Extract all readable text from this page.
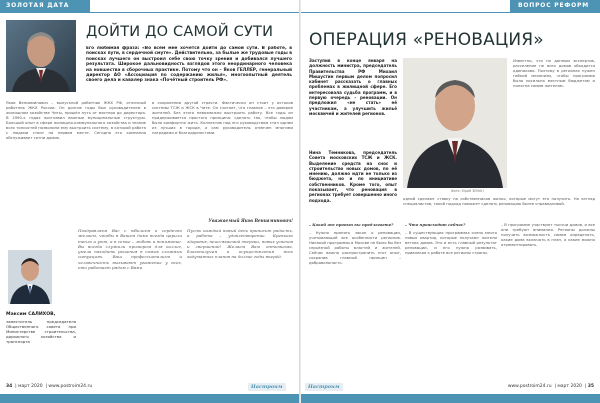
ЗОЛОТАЯ ДАТА
ДОЙТИ ДО САМОЙ СУТИ
Его любимая фраза: «Во всём мне хочется дойти до самой сути. В работе, в поисках пути, в сердечной смуте». Действительно, за былые же трудовые годы в поисках лучшего он выстроил себе свою точку зрения и добивался лучшего результата. Широкое дальновидность взглядов этого неординарного человека на новшества в сборочных практике. Потому что он – Яков ГЕЛЛЕР, генеральный директор АО «Ассоциация по содержанию жилья», многоопытный деятель своего дела и кавалер знака «Почётный строитель РФ».
Яков Вениаминович – выпускной работник ЖКХ РФ, отличный работник ЖКХ России. Он долгие годы был руководителем в жилищном хозяйстве Читы, прошёл путь от мастера до директора. В 1990-х годах возглавил важные муниципальные структуры. Большой опыт в сфере жилищно-коммунального хозяйства и знание всех тонкостей позволили ему выстроить систему, в которой работа с людьми стоит на первом месте. Сегодня его компания обслуживает сотни домов.
в сохранении другой страсти. Фактически он стоит у истоков системы ТСЖ и ЖСК в Чите. Он считает, что главное – это доверие жителей. Без этого невозможно выстроить работу. Все годы он придерживается простого принципа: сделать так, чтобы людям было комфортно жить. Коллектив под его руководством стал одним из лучших в городе, а сам руководитель отмечен многими наградами и благодарностями.
Уважаемый Яков Вениаминович!
Поздравляем Вас с юбилеем и сердечно желаем, чтобы в Вашем доме всегда царили тепло и уют, а в семье – любовь и понимание. Вы всегда служили примером для коллег, умели находить решения в самых сложных ситуациях. Ваш профессионализм и человечность вызывают уважение у всех, кто работает рядом с Вами.
Пусть каждый новый день приносит радость, а работа – удовлетворение. Крепкого здоровья, неиссякаемой энергии, новых успехов и свершений! Желаем Вам оптимизма, благополучия и осуществления всех задуманных планов на долгие годы вперёд.
Максим САЛИХОВ,
заместитель председателя Общественного совета при Министерстве строительства, дорожного хозяйства и транспорта
34  | март 2020  | www.postroim24.ru	Настроим
ВОПРОС РЕФОРМ
ОПЕРАЦИЯ «РЕНОВАЦИЯ»
Заступив в конце января на должность министра, председатель Правительства РФ Михаил Мишустин первым делом попросил кабинет рассказать о главных проблемах в жилищной сфере. Его интересовала судьба программ, и в первую очередь – реновации. Он предложил «не стать» её участникам, а улучшить жильё москвичей и жителей регионов.
Нина Темникова, председатель Совета московских ТСЖ и ЖСК. Выделение средств на снос и строительство новых домов, по её мнению, должно идти не только из бюджета, но и по инициативе собственников. Кроме того, опыт показывает, что реновация в регионах требует совершенно иного подхода.
Фото: Юрий ЗЕМАН
Известно, что по данным экспертов, расселение не всех домов обходится одинаково. Поэтому в регионах нужен гибкий механизм, чтобы программа была посильна местным бюджетам и понятна самим жителям.
одной сделают ставку на собственников жилья, которые могут его получить. На взгляд специалистов, такой подход поможет сделать реновацию более справедливой.
– Какой же проект вы предлагаете?
– Нужно принять закон о реновации, учитывающий все особенности регионов. Никакой программы в Москве не было бы без серьёзной работы властей и жителей. Сейчас важно распространить этот опыт, сохранив главный принцип – добровольность.
– Что происходит сейчас?
– В существующих программах очень много новых квартир, которые получают жители ветхих домов. Это и есть главный результат реновации, и его нужно развивать, привлекая к работе все регионы страны.
– В программе участвуют тысячи домов, и все они требуют внимания. Регионы должны получить возможность самим определять, какие дома включать в план, а какие можно отремонтировать.
Настроим	www.postroim24.ru  | март 2020  | 35
